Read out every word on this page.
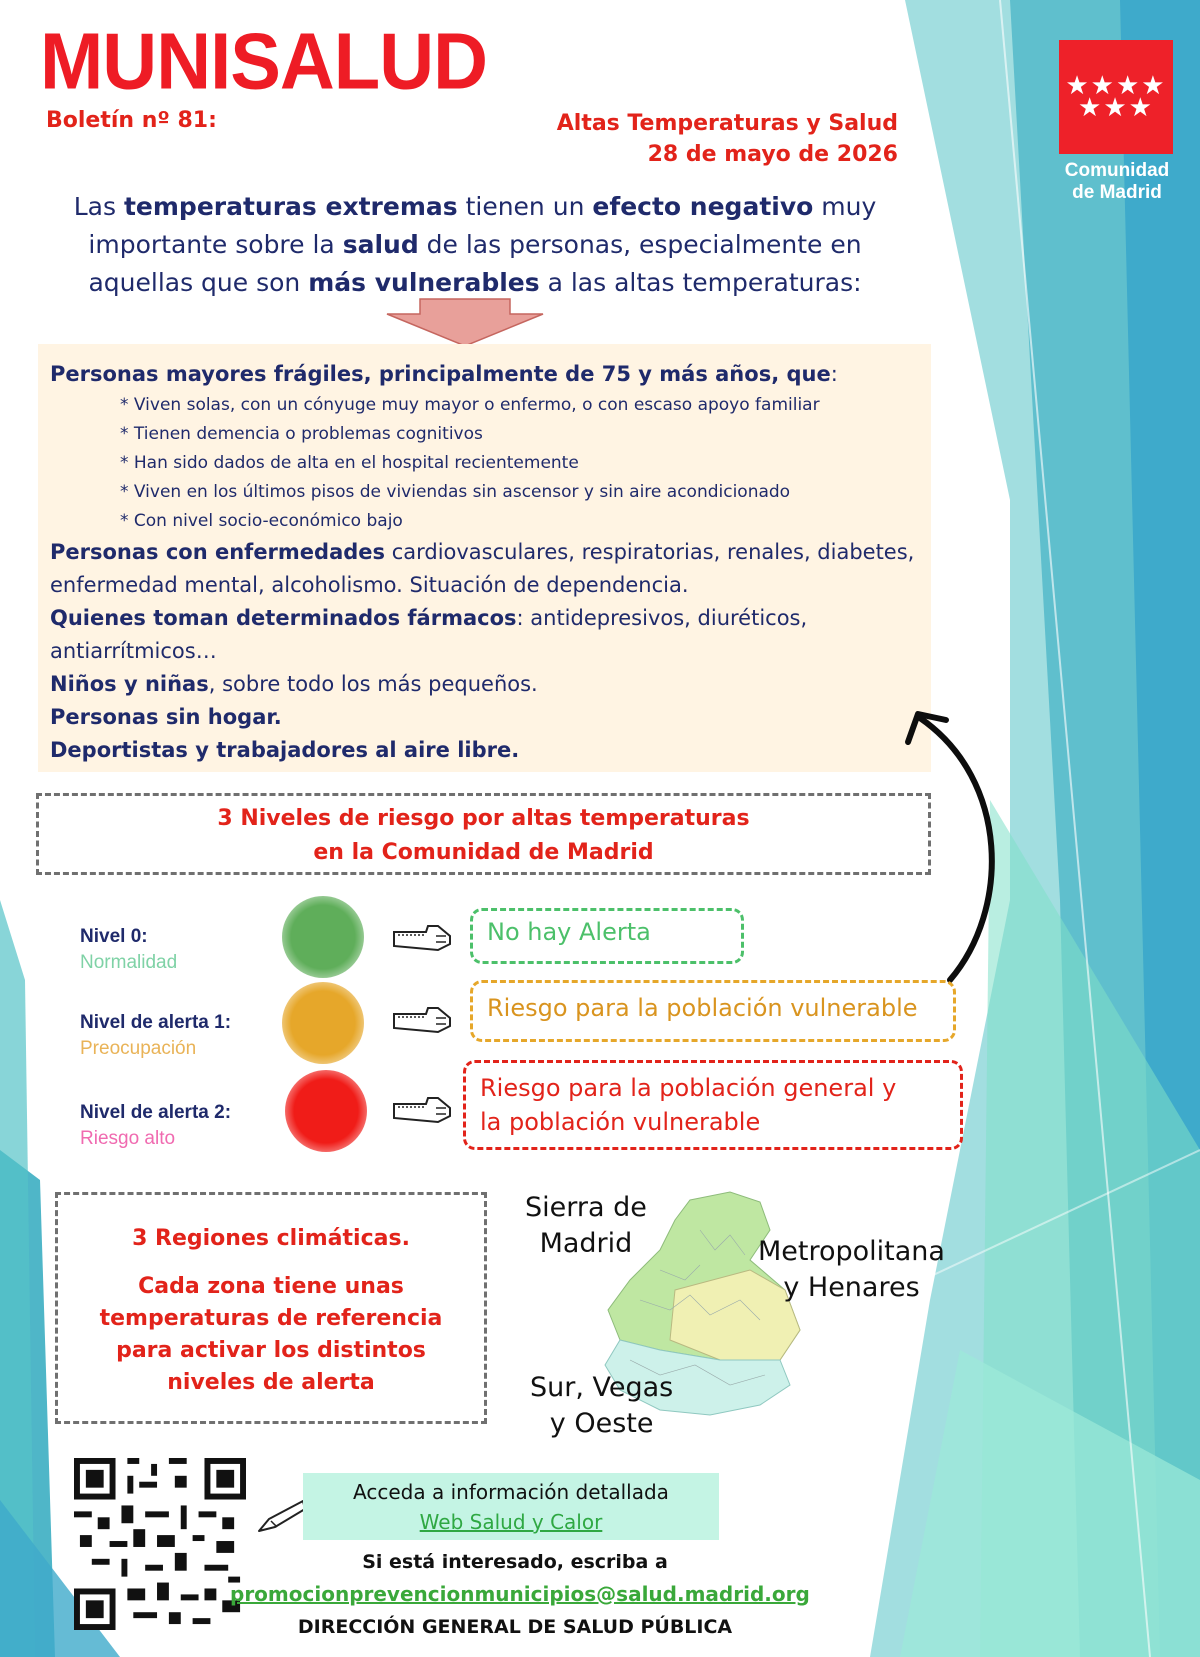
MUNISALUD
Boletín nº 81:	Altas Temperaturas y Salud
28 de mayo de 2026
★★★★
★★★
Comunidad
de Madrid
Las temperaturas extremas tienen un efecto negativo muy importante sobre la salud de las personas, especialmente en aquellas que son más vulnerables a las altas temperaturas:
Personas mayores frágiles, principalmente de 75 y más años, que:
* Viven solas, con un cónyuge muy mayor o enfermo, o con escaso apoyo familiar
* Tienen demencia o problemas cognitivos
* Han sido dados de alta en el hospital recientemente
* Viven en los últimos pisos de viviendas sin ascensor y sin aire acondicionado
* Con nivel socio-económico bajo
Personas con enfermedades cardiovasculares, respiratorias, renales, diabetes, enfermedad mental, alcoholismo. Situación de dependencia.
Quienes toman determinados fármacos: antidepresivos, diuréticos, antiarrítmicos…
Niños y niñas, sobre todo los más pequeños.
Personas sin hogar.
Deportistas y trabajadores al aire libre.
3 Niveles de riesgo por altas temperaturas
en la Comunidad de Madrid
Nivel 0:
Normalidad
No hay Alerta
Nivel de alerta 1:
Preocupación
Riesgo para la población vulnerable
Nivel de alerta 2:
Riesgo alto
Riesgo para la población general y
la población vulnerable
3 Regiones climáticas.
Cada zona tiene unas
temperaturas de referencia
para activar los distintos
niveles de alerta
Sierra de
Madrid	Metropolitana
y Henares
Sur, Vegas
y Oeste
Acceda a información detallada
Web Salud y Calor
Si está interesado, escriba a
promocionprevencionmunicipios@salud.madrid.org
DIRECCIÓN GENERAL DE SALUD PÚBLICA
